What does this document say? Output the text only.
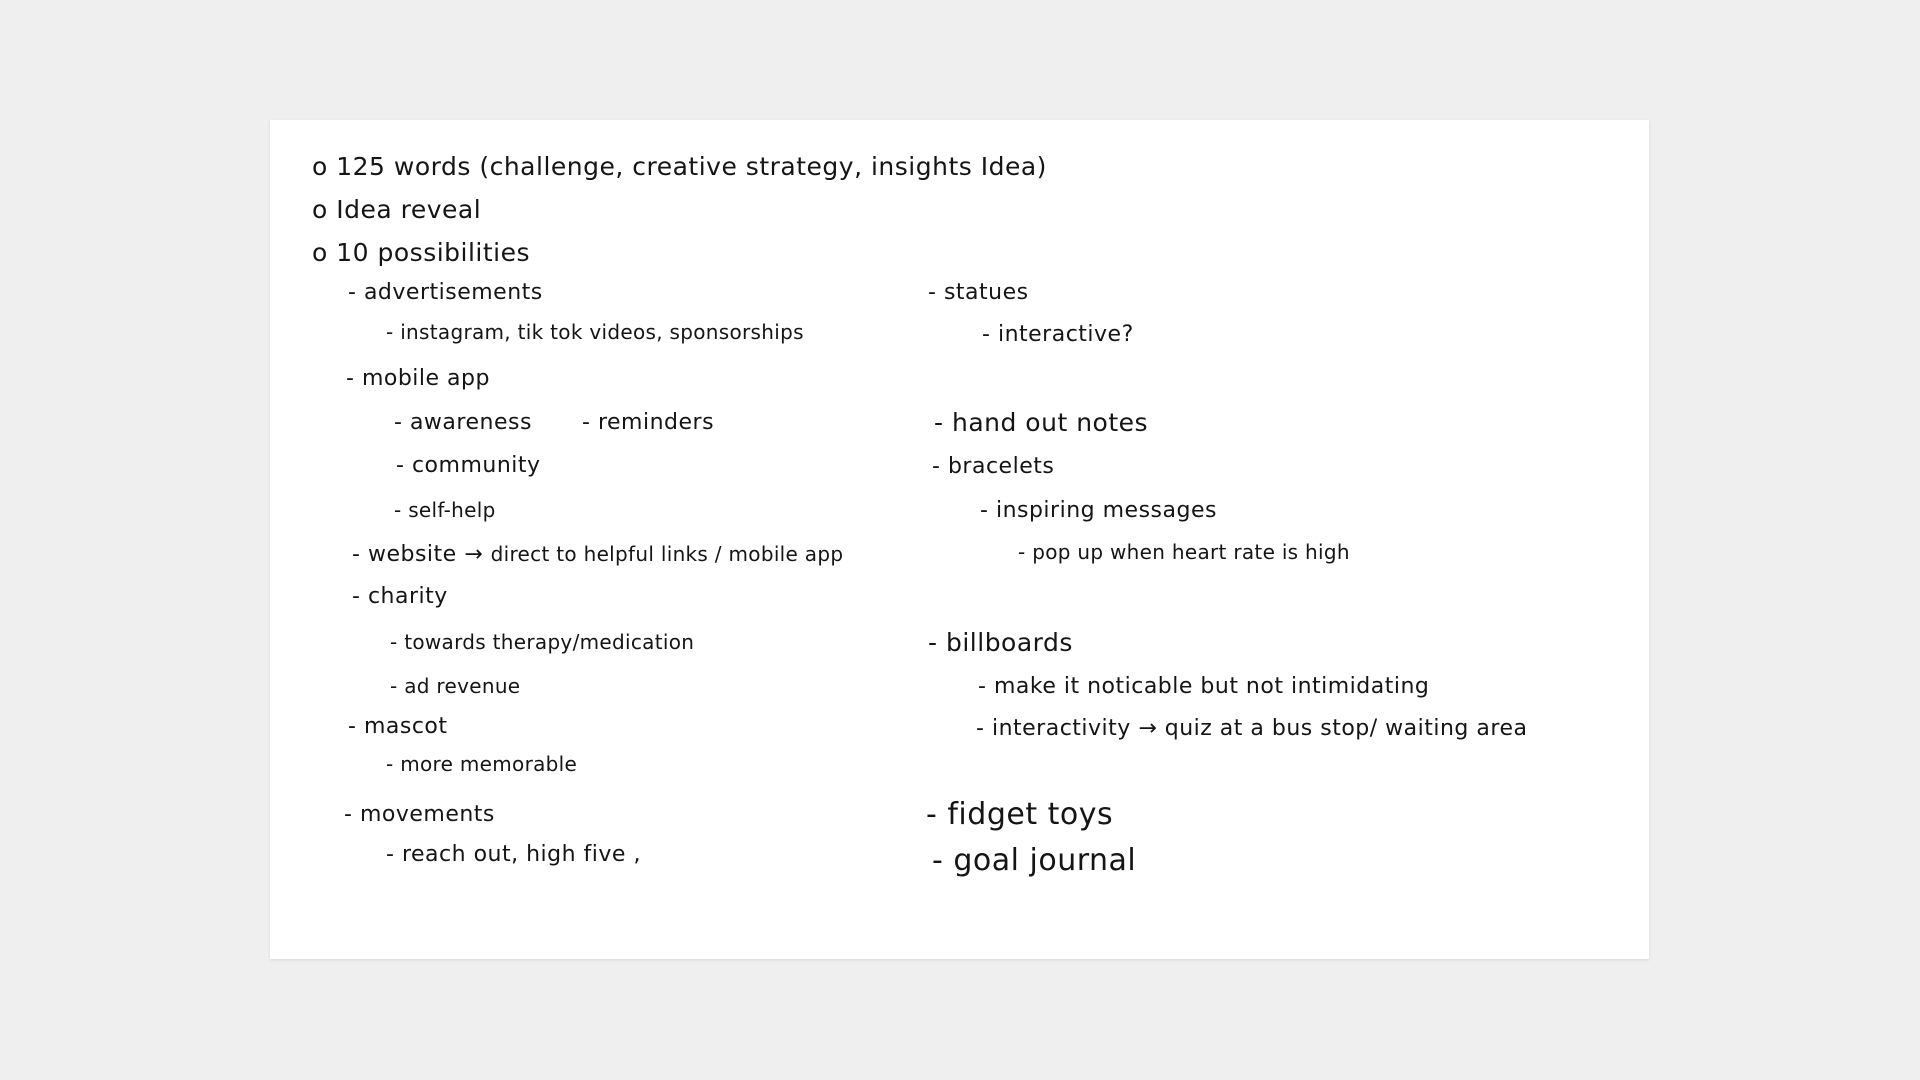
o 125 words (challenge, creative strategy, insights Idea)
o Idea reveal
o 10 possibilities
- advertisements
- instagram, tik tok videos, sponsorships
- mobile app
- awareness - reminders
- community
- self-help
- website → direct to helpful links / mobile app
- charity
- towards therapy/medication
- ad revenue
- mascot
- more memorable
- movements
- reach out, high five ,
- statues
- interactive?
- hand out notes
- bracelets
- inspiring messages
- pop up when heart rate is high
- billboards
- make it noticable but not intimidating
- interactivity → quiz at a bus stop/ waiting area
- fidget toys
- goal journal
